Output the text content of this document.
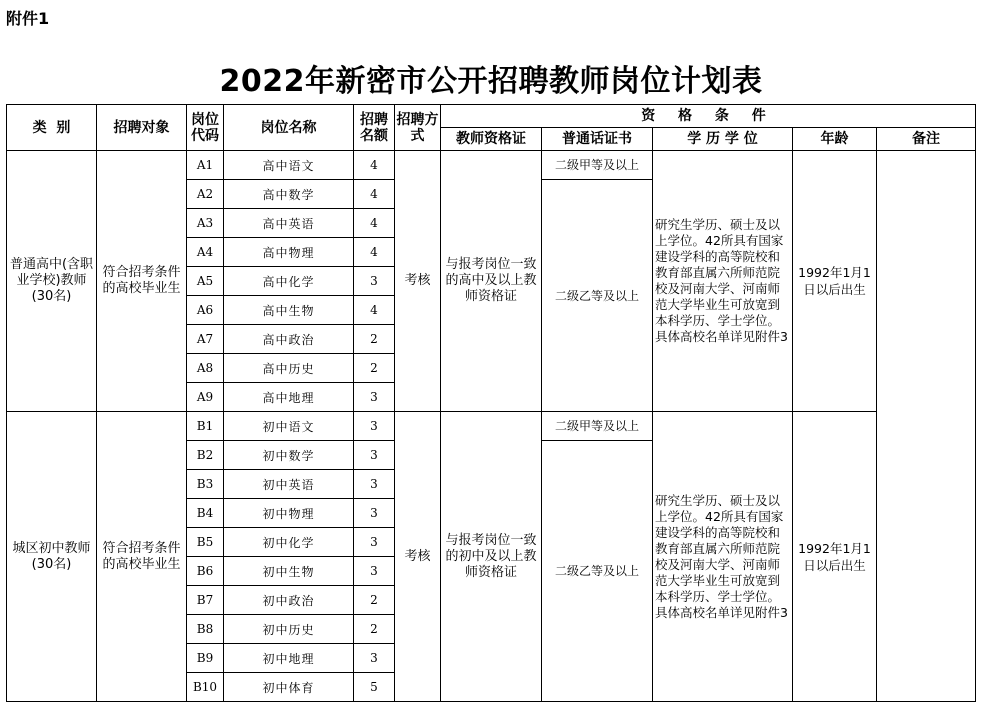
附件1
2022年新密市公开招聘教师岗位计划表
类  别	招聘对象	岗位代码	岗位名称	招聘名额	招聘方式	资 格 条 件				
						教师资格证	普通话证书	学 历 学 位	年龄	备注
普通高中(含职业学校)教师(30名)	符合招考条件的高校毕业生	A1	高中语文	4	考核	与报考岗位一致的高中及以上教师资格证	二级甲等及以上	研究生学历、硕士及以上学位。42所具有国家建设学科的高等院校和教育部直属六所师范院校及河南大学、河南师范大学毕业生可放宽到本科学历、学士学位。具体高校名单详见附件3	1992年1月1日以后出生	
		A2	高中数学	4			二级乙等及以上			
		A3	高中英语	4						
		A4	高中物理	4						
		A5	高中化学	3						
		A6	高中生物	4						
		A7	高中政治	2						
		A8	高中历史	2						
		A9	高中地理	3						
城区初中教师(30名)	符合招考条件的高校毕业生	B1	初中语文	3	考核	与报考岗位一致的初中及以上教师资格证	二级甲等及以上	研究生学历、硕士及以上学位。42所具有国家建设学科的高等院校和教育部直属六所师范院校及河南大学、河南师范大学毕业生可放宽到本科学历、学士学位。具体高校名单详见附件3	1992年1月1日以后出生	
		B2	初中数学	3			二级乙等及以上			
		B3	初中英语	3						
		B4	初中物理	3						
		B5	初中化学	3						
		B6	初中生物	3						
		B7	初中政治	2						
		B8	初中历史	2						
		B9	初中地理	3						
		B10	初中体育	5						
